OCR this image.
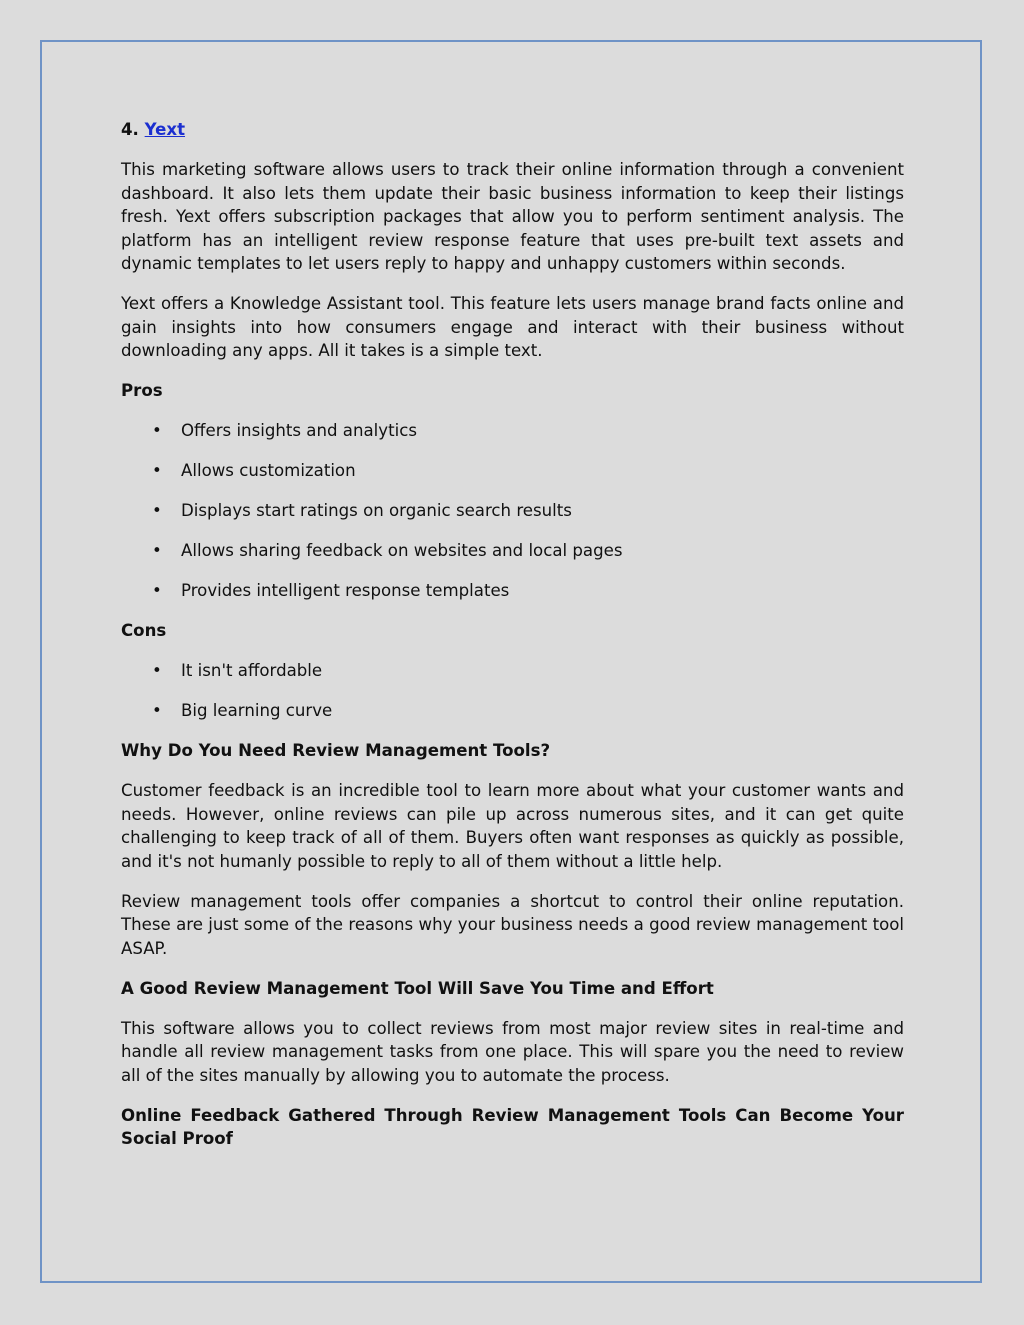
4. Yext

This marketing software allows users to track their online information through a convenient dashboard. It also lets them update their basic business information to keep their listings fresh. Yext offers subscription packages that allow you to perform sentiment analysis. The platform has an intelligent review response feature that uses pre-built text assets and dynamic templates to let users reply to happy and unhappy customers within seconds.

Yext offers a Knowledge Assistant tool. This feature lets users manage brand facts online and gain insights into how consumers engage and interact with their business without downloading any apps. All it takes is a simple text.

Pros

• Offers insights and analytics
• Allows customization
• Displays start ratings on organic search results
• Allows sharing feedback on websites and local pages
• Provides intelligent response templates

Cons

• It isn't affordable
• Big learning curve

Why Do You Need Review Management Tools?

Customer feedback is an incredible tool to learn more about what your customer wants and needs. However, online reviews can pile up across numerous sites, and it can get quite challenging to keep track of all of them. Buyers often want responses as quickly as possible, and it's not humanly possible to reply to all of them without a little help.

Review management tools offer companies a shortcut to control their online reputation. These are just some of the reasons why your business needs a good review management tool ASAP.

A Good Review Management Tool Will Save You Time and Effort

This software allows you to collect reviews from most major review sites in real-time and handle all review management tasks from one place. This will spare you the need to review all of the sites manually by allowing you to automate the process.

Online Feedback Gathered Through Review Management Tools Can Become Your Social Proof
